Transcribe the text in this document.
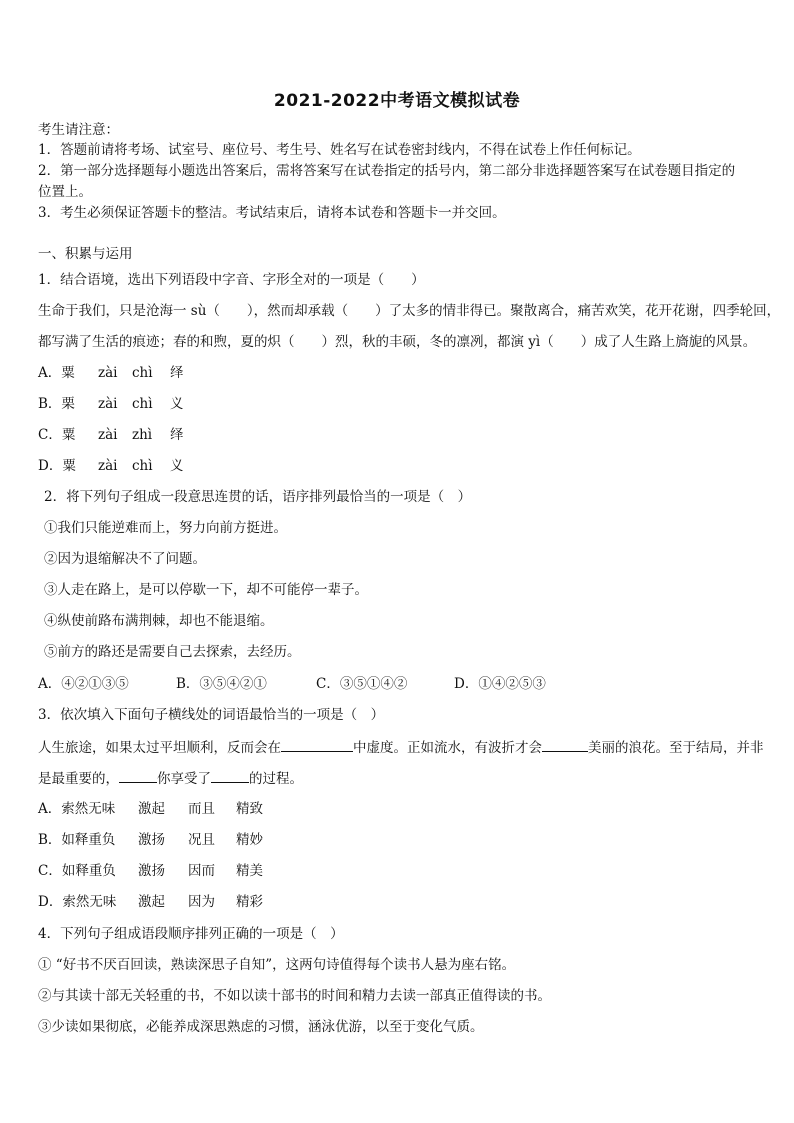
2021-2022中考语文模拟试卷
考生请注意：
1．答题前请将考场、试室号、座位号、考生号、姓名写在试卷密封线内，不得在试卷上作任何标记。
2．第一部分选择题每小题选出答案后，需将答案写在试卷指定的括号内，第二部分非选择题答案写在试卷题目指定的
位置上。
3．考生必须保证答题卡的整洁。考试结束后，请将本试卷和答题卡一并交回。
一、积累与运用
1．结合语境，选出下列语段中字音、字形全对的一项是（　　）
生命于我们，只是沧海一 sù（　　），然而却承载（　　）了太多的情非得已。聚散离合，痛苦欢笑，花开花谢，四季轮回，
都写满了生活的痕迹；春的和煦，夏的炽（　　）烈，秋的丰硕，冬的凛冽，都演 yì（　　）成了人生路上旖旎的风景。
A．粟 zài chì 绎
B．栗 zài chì 义
C．粟 zài zhì 绎
D．粟 zài chì 义
2．将下列句子组成一段意思连贯的话，语序排列最恰当的一项是（　）
①我们只能逆难而上，努力向前方挺进。
②因为退缩解决不了问题。
③人走在路上，是可以停歇一下，却不可能停一辈子。
④纵使前路布满荆棘，却也不能退缩。
⑤前方的路还是需要自己去探索，去经历。
A．④②①③⑤	B．③⑤④②①	C．③⑤①④②	D．①④②⑤③
3．依次填入下面句子横线处的词语最恰当的一项是（　）
人生旅途，如果太过平坦顺利，反而会在	中虚度。正如流水，有波折才会	美丽的浪花。至于结局，并非
是最重要的，	你享受了	的过程。
A．索然无味 激起 而且 精致
B．如释重负 激扬 况且 精妙
C．如释重负 激扬 因而 精美
D．索然无味 激起 因为 精彩
4．下列句子组成语段顺序排列正确的一项是（　）
① “好书不厌百回读，熟读深思子自知”，这两句诗值得每个读书人悬为座右铭。
②与其读十部无关轻重的书，不如以读十部书的时间和精力去读一部真正值得读的书。
③少读如果彻底，必能养成深思熟虑的习惯，涵泳优游，以至于变化气质。
